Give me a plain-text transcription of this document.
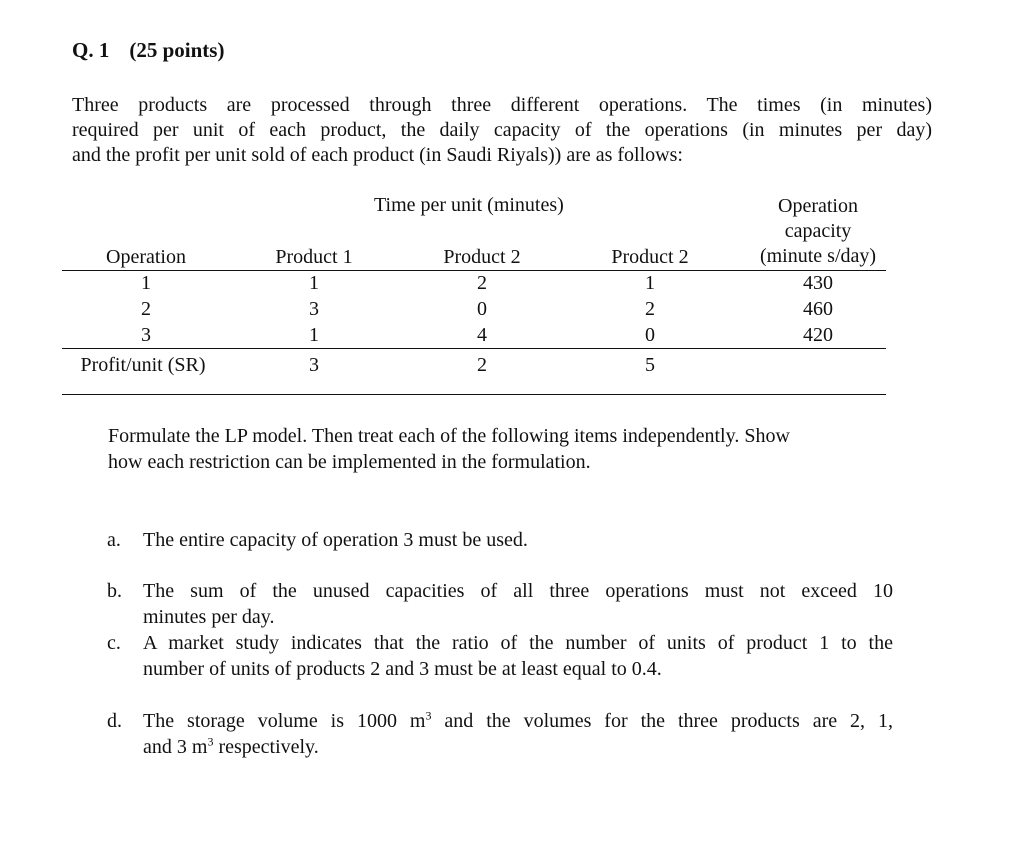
Q. 1 (25 points)
Three products are processed through three different operations. The times (in minutes)
required per unit of each product, the daily capacity of the operations (in minutes per day)
and the profit per unit sold of each product (in Saudi Riyals)) are as follows:
Time per unit (minutes)	Operation
capacity
(minute s/day)
Operation	Product 1	Product 2	Product 2
1	1	2	1	430
2	3	0	2	460
3	1	4	0	420
Profit/unit (SR)	3	2	5
Formulate the LP model. Then treat each of the following items independently. Show
how each restriction can be implemented in the formulation.
a. The entire capacity of operation 3 must be used.
b. The sum of the unused capacities of all three operations must not exceed 10
minutes per day.
c. A market study indicates that the ratio of the number of units of product 1 to the
number of units of products 2 and 3 must be at least equal to 0.4.
d. The storage volume is 1000 $m^3$ and the volumes for the three products are 2, 1,
and 3 $m^3$ respectively.
